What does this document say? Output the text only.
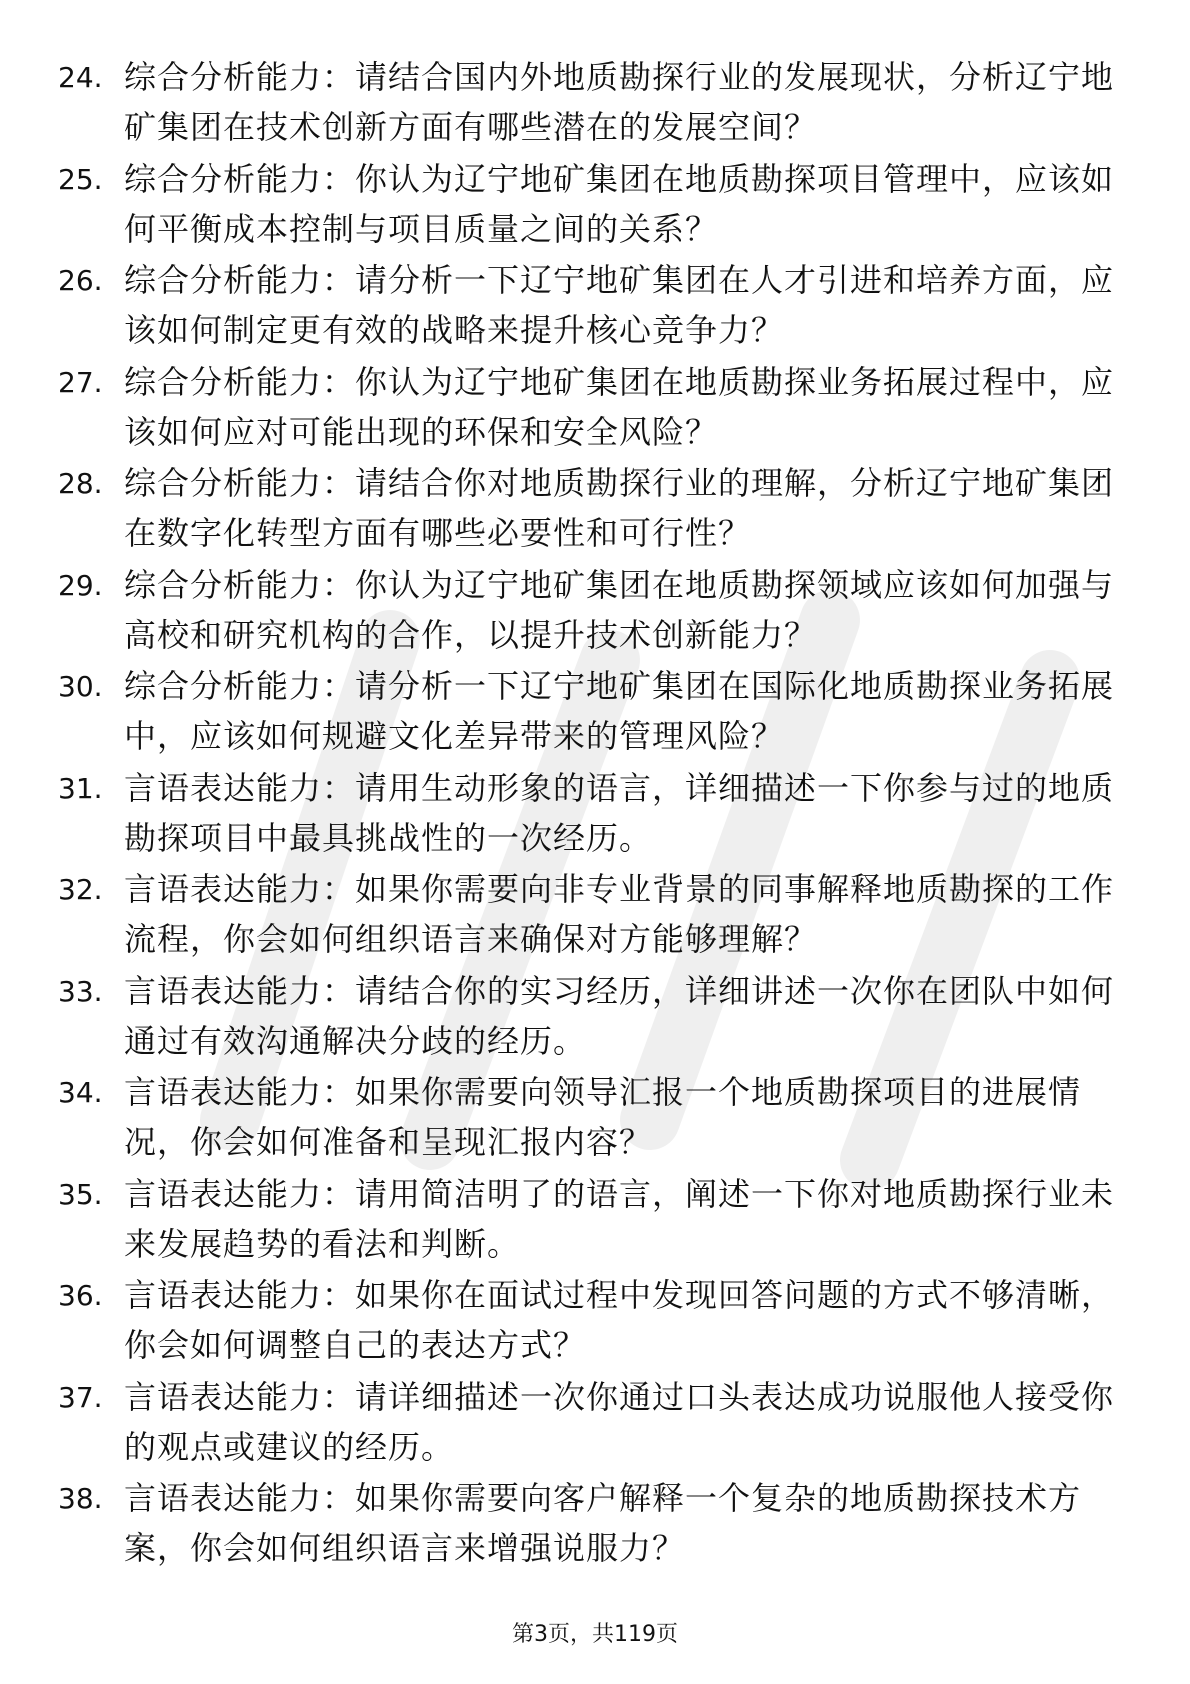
24. 综合分析能力：请结合国内外地质勘探行业的发展现状，分析辽宁地矿集团在技术创新方面有哪些潜在的发展空间？
25. 综合分析能力：你认为辽宁地矿集团在地质勘探项目管理中，应该如何平衡成本控制与项目质量之间的关系？
26. 综合分析能力：请分析一下辽宁地矿集团在人才引进和培养方面，应该如何制定更有效的战略来提升核心竞争力？
27. 综合分析能力：你认为辽宁地矿集团在地质勘探业务拓展过程中，应该如何应对可能出现的环保和安全风险？
28. 综合分析能力：请结合你对地质勘探行业的理解，分析辽宁地矿集团在数字化转型方面有哪些必要性和可行性？
29. 综合分析能力：你认为辽宁地矿集团在地质勘探领域应该如何加强与高校和研究机构的合作，以提升技术创新能力？
30. 综合分析能力：请分析一下辽宁地矿集团在国际化地质勘探业务拓展中，应该如何规避文化差异带来的管理风险？
31. 言语表达能力：请用生动形象的语言，详细描述一下你参与过的地质勘探项目中最具挑战性的一次经历。
32. 言语表达能力：如果你需要向非专业背景的同事解释地质勘探的工作流程，你会如何组织语言来确保对方能够理解？
33. 言语表达能力：请结合你的实习经历，详细讲述一次你在团队中如何通过有效沟通解决分歧的经历。
34. 言语表达能力：如果你需要向领导汇报一个地质勘探项目的进展情况，你会如何准备和呈现汇报内容？
35. 言语表达能力：请用简洁明了的语言，阐述一下你对地质勘探行业未来发展趋势的看法和判断。
36. 言语表达能力：如果你在面试过程中发现回答问题的方式不够清晰，你会如何调整自己的表达方式？
37. 言语表达能力：请详细描述一次你通过口头表达成功说服他人接受你的观点或建议的经历。
38. 言语表达能力：如果你需要向客户解释一个复杂的地质勘探技术方案，你会如何组织语言来增强说服力？
第3页，共119页
